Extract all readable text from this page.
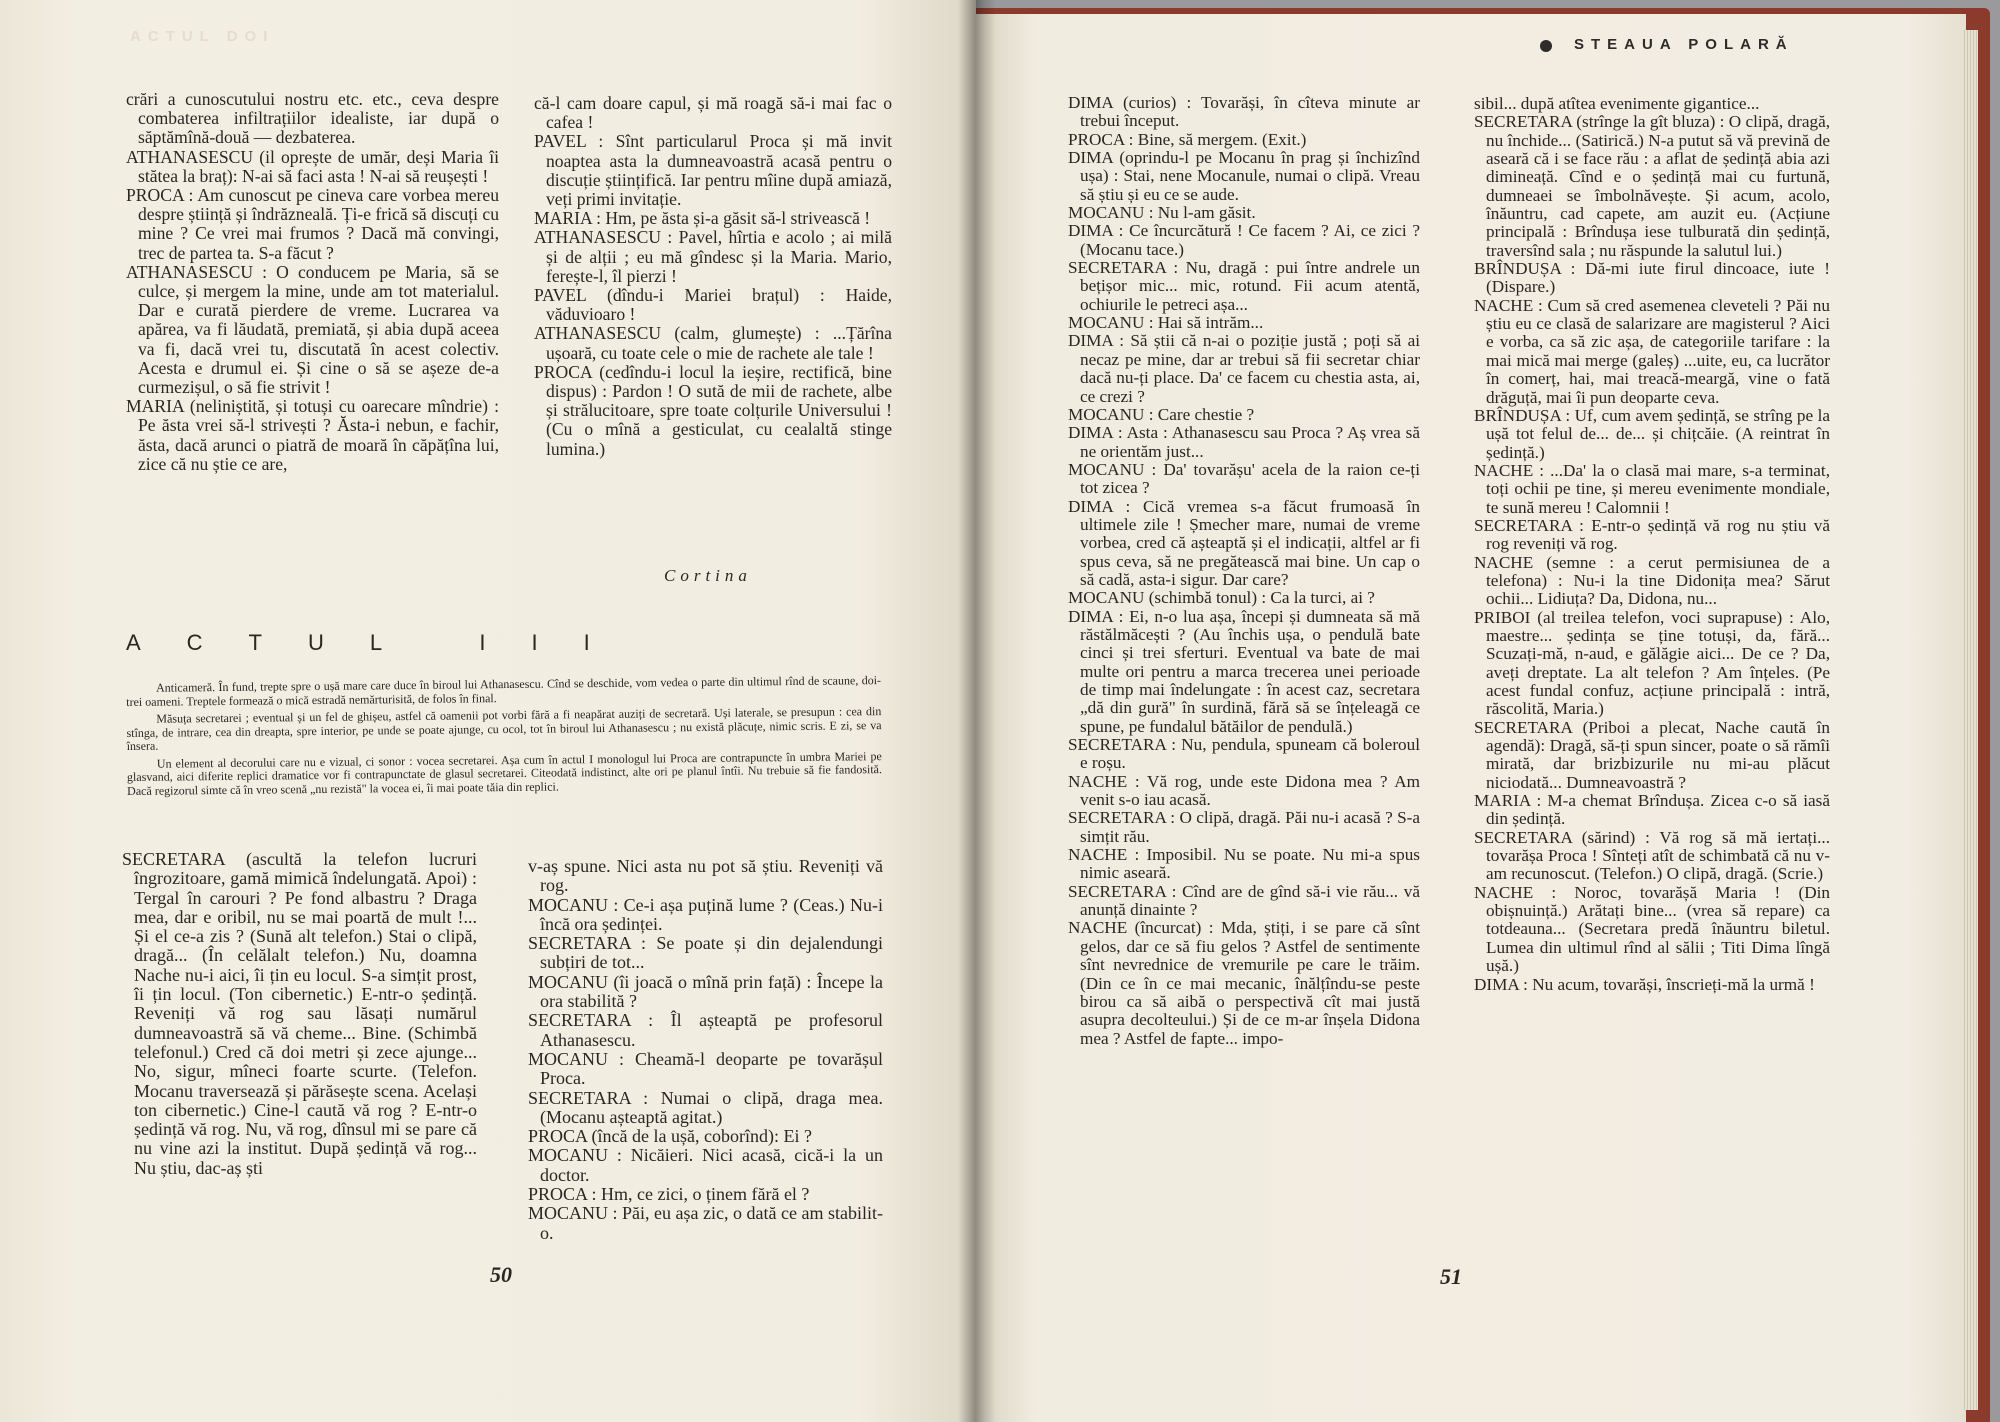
ACTUL DOI

crări a cunoscutului nostru etc. etc., ceva despre combaterea infiltrațiilor idealiste, iar după o săptămînă-două — dezbaterea.

ATHANASESCU (il oprește de umăr, deși Maria îi stătea la braț): N-ai să faci asta ! N-ai să reușești !

PROCA : Am cunoscut pe cineva care vorbea mereu despre știință și îndrăzneală. Ți-e frică să discuți cu mine ? Ce vrei mai frumos ? Dacă mă convingi, trec de partea ta. S-a făcut ?

ATHANASESCU : O conducem pe Maria, să se culce, și mergem la mine, unde am tot materialul. Dar e curată pierdere de vreme. Lucrarea va apărea, va fi lăudată, premiată, și abia după aceea va fi, dacă vrei tu, discutată în acest colectiv. Acesta e drumul ei. Și cine o să se așeze de-a curmezișul, o să fie strivit !

MARIA (neliniștită, și totuși cu oarecare mîndrie) : Pe ăsta vrei să-l strivești ? Ăsta-i nebun, e fachir, ăsta, dacă arunci o piatră de moară în căpățîna lui, zice că nu știe ce are,

că-l cam doare capul, și mă roagă să-i mai fac o cafea !

PAVEL : Sînt particularul Proca și mă invit noaptea asta la dumneavoastră acasă pentru o discuție științifică. Iar pentru mîine după amiază, veți primi invitație.

MARIA : Hm, pe ăsta și-a găsit să-l strivească !

ATHANASESCU : Pavel, hîrtia e acolo ; ai milă și de alții ; eu mă gîndesc și la Maria. Mario, ferește-l, îl pierzi !

PAVEL (dîndu-i Mariei brațul) : Haide, văduvioaro !

ATHANASESCU (calm, glumește) : ...Țărîna ușoară, cu toate cele o mie de rachete ale tale !

PROCA (cedîndu-i locul la ieșire, rectifică, bine dispus) : Pardon ! O sută de mii de rachete, albe și strălucitoare, spre toate colțurile Universului ! (Cu o mînă a gesticulat, cu cealaltă stinge lumina.)

Cortina
ACTUL III

Anticameră. În fund, trepte spre o ușă mare care duce în biroul lui Athanasescu. Cînd se deschide, vom vedea o parte din ultimul rînd de scaune, doi-trei oameni. Treptele formează o mică estradă nemărturisită, de folos în final.

Măsuța secretarei ; eventual și un fel de ghișeu, astfel că oamenii pot vorbi fără a fi neapărat auziți de secretară. Uși laterale, se presupun : cea din stînga, de intrare, cea din dreapta, spre interior, pe unde se poate ajunge, cu ocol, tot în biroul lui Athanasescu ; nu există plăcuțe, nimic scris. E zi, se va însera.

Un element al decorului care nu e vizual, ci sonor : vocea secretarei. Așa cum în actul I monologul lui Proca are contrapuncte în umbra Mariei pe glasvand, aici diferite replici dramatice vor fi contrapunctate de glasul secretarei. Citeodată indistinct, alte ori pe planul întîi. Nu trebuie să fie fandosită. Dacă regizorul simte că în vreo scenă „nu rezistă" la vocea ei, îi mai poate tăia din replici.

SECRETARA (ascultă la telefon lucruri îngrozitoare, gamă mimică îndelungată. Apoi) : Tergal în carouri ? Pe fond albastru ? Draga mea, dar e oribil, nu se mai poartă de mult !... Și el ce-a zis ? (Sună alt telefon.) Stai o clipă, dragă... (În celălalt telefon.) Nu, doamna Nache nu-i aici, îi țin eu locul. S-a simțit prost, îi țin locul. (Ton cibernetic.) E-ntr-o ședință. Reveniți vă rog sau lăsați numărul dumneavoastră să vă cheme... Bine. (Schimbă telefonul.) Cred că doi metri și zece ajunge... No, sigur, mîneci foarte scurte. (Telefon. Mocanu traversează și părăsește scena. Același ton cibernetic.) Cine-l caută vă rog ? E-ntr-o ședință vă rog. Nu, vă rog, dînsul mi se pare că nu vine azi la institut. După ședință vă rog... Nu știu, dac-aș ști

v-aș spune. Nici asta nu pot să știu. Reveniți vă rog.

MOCANU : Ce-i așa puțină lume ? (Ceas.) Nu-i încă ora ședinței.

SECRETARA : Se poate și din dejalendungi subțiri de tot...

MOCANU (îi joacă o mînă prin față) : Începe la ora stabilită ?

SECRETARA : Îl așteaptă pe profesorul Athanasescu.

MOCANU : Cheamă-l deoparte pe tovarășul Proca.

SECRETARA : Numai o clipă, draga mea. (Mocanu așteaptă agitat.)

PROCA (încă de la ușă, coborînd): Ei ?

MOCANU : Nicăieri. Nici acasă, cică-i la un doctor.

PROCA : Hm, ce zici, o ținem fără el ?

MOCANU : Păi, eu așa zic, o dată ce am stabilit-o.

50

DIMA (curios) : Tovarăși, în cîteva minute ar trebui început.

PROCA : Bine, să mergem. (Exit.)

DIMA (oprindu-l pe Mocanu în prag și închizînd ușa) : Stai, nene Mocanule, numai o clipă. Vreau să știu și eu ce se aude.

MOCANU : Nu l-am găsit.

DIMA : Ce încurcătură ! Ce facem ? Ai, ce zici ? (Mocanu tace.)

SECRETARA : Nu, dragă : pui între andrele un bețișor mic... mic, rotund. Fii acum atentă, ochiurile le petreci așa...

MOCANU : Hai să intrăm...

DIMA : Să știi că n-ai o poziție justă ; poți să ai necaz pe mine, dar ar trebui să fii secretar chiar dacă nu-ți place. Da' ce facem cu chestia asta, ai, ce crezi ?

MOCANU : Care chestie ?

DIMA : Asta : Athanasescu sau Proca ? Aș vrea să ne orientăm just...

MOCANU : Da' tovarășu' acela de la raion ce-ți tot zicea ?

DIMA : Cică vremea s-a făcut frumoasă în ultimele zile ! Șmecher mare, numai de vreme vorbea, cred că așteaptă și el indicații, altfel ar fi spus ceva, să ne pregătească mai bine. Un cap o să cadă, asta-i sigur. Dar care?

MOCANU (schimbă tonul) : Ca la turci, ai ?

DIMA : Ei, n-o lua așa, începi și dumneata să mă răstălmăcești ? (Au închis ușa, o pendulă bate cinci și trei sferturi. Eventual va bate de mai multe ori pentru a marca trecerea unei perioade de timp mai îndelungate : în acest caz, secretara „dă din gură" în surdină, fără să se înțeleagă ce spune, pe fundalul bătăilor de pendulă.)

SECRETARA : Nu, pendula, spuneam că boleroul e roșu.

NACHE : Vă rog, unde este Didona mea ? Am venit s-o iau acasă.

SECRETARA : O clipă, dragă. Păi nu-i acasă ? S-a simțit rău.

NACHE : Imposibil. Nu se poate. Nu mi-a spus nimic aseară.

SECRETARA : Cînd are de gînd să-i vie rău... vă anunță dinainte ?

NACHE (încurcat) : Mda, știți, i se pare că sînt gelos, dar ce să fiu gelos ? Astfel de sentimente sînt nevrednice de vremurile pe care le trăim. (Din ce în ce mai mecanic, înălțîndu-se peste birou ca să aibă o perspectivă cît mai justă asupra decolteului.) Și de ce m-ar înșela Didona mea ? Astfel de fapte... impo-

sibil... după atîtea evenimente gigantice...

SECRETARA (strînge la gît bluza) : O clipă, dragă, nu închide... (Satirică.) N-a putut să vă prevină de aseară că i se face rău : a aflat de ședință abia azi dimineață. Cînd e o ședință mai cu furtună, dumneaei se îmbolnăvește. Și acum, acolo, înăuntru, cad capete, am auzit eu. (Acțiune principală : Brîndușa iese tulburată din ședință, traversînd sala ; nu răspunde la salutul lui.)

BRÎNDUȘA : Dă-mi iute firul dincoace, iute ! (Dispare.)

NACHE : Cum să cred asemenea cleveteli ? Păi nu știu eu ce clasă de salarizare are magisterul ? Aici e vorba, ca să zic așa, de categoriile tarifare : la mai mică mai merge (galeș) ...uite, eu, ca lucrător în comerț, hai, mai treacă-meargă, vine o fată drăguță, mai îi pun deoparte ceva.

BRÎNDUȘA : Uf, cum avem ședință, se strîng pe la ușă tot felul de... de... și chițcăie. (A reintrat în ședință.)

NACHE : ...Da' la o clasă mai mare, s-a terminat, toți ochii pe tine, și mereu evenimente mondiale, te sună mereu ! Calomnii !

SECRETARA : E-ntr-o ședință vă rog nu știu vă rog reveniți vă rog.

NACHE (semne : a cerut permisiunea de a telefona) : Nu-i la tine Didonița mea? Sărut ochii... Lidiuța? Da, Didona, nu...

PRIBOI (al treilea telefon, voci suprapuse) : Alo, maestre... ședința se ține totuși, da, fără... Scuzați-mă, n-aud, e gălăgie aici... De ce ? Da, aveți dreptate. La alt telefon ? Am înțeles. (Pe acest fundal confuz, acțiune principală : intră, răscolită, Maria.)

SECRETARA (Priboi a plecat, Nache caută în agendă): Dragă, să-ți spun sincer, poate o să rămîi mirată, dar brizbizurile nu mi-au plăcut niciodată... Dumneavoastră ?

MARIA : M-a chemat Brîndușa. Zicea c-o să iasă din ședință.

SECRETARA (sărind) : Vă rog să mă iertați... tovarășa Proca ! Sînteți atît de schimbată că nu v-am recunoscut. (Telefon.) O clipă, dragă. (Scrie.)

NACHE : Noroc, tovarășă Maria ! (Din obișnuință.) Arătați bine... (vrea să repare) ca totdeauna... (Secretara predă înăuntru biletul. Lumea din ultimul rînd al sălii ; Titi Dima lîngă ușă.)

DIMA : Nu acum, tovarăși, înscrieți-mă la urmă !

51
STEAUA POLARĂ
